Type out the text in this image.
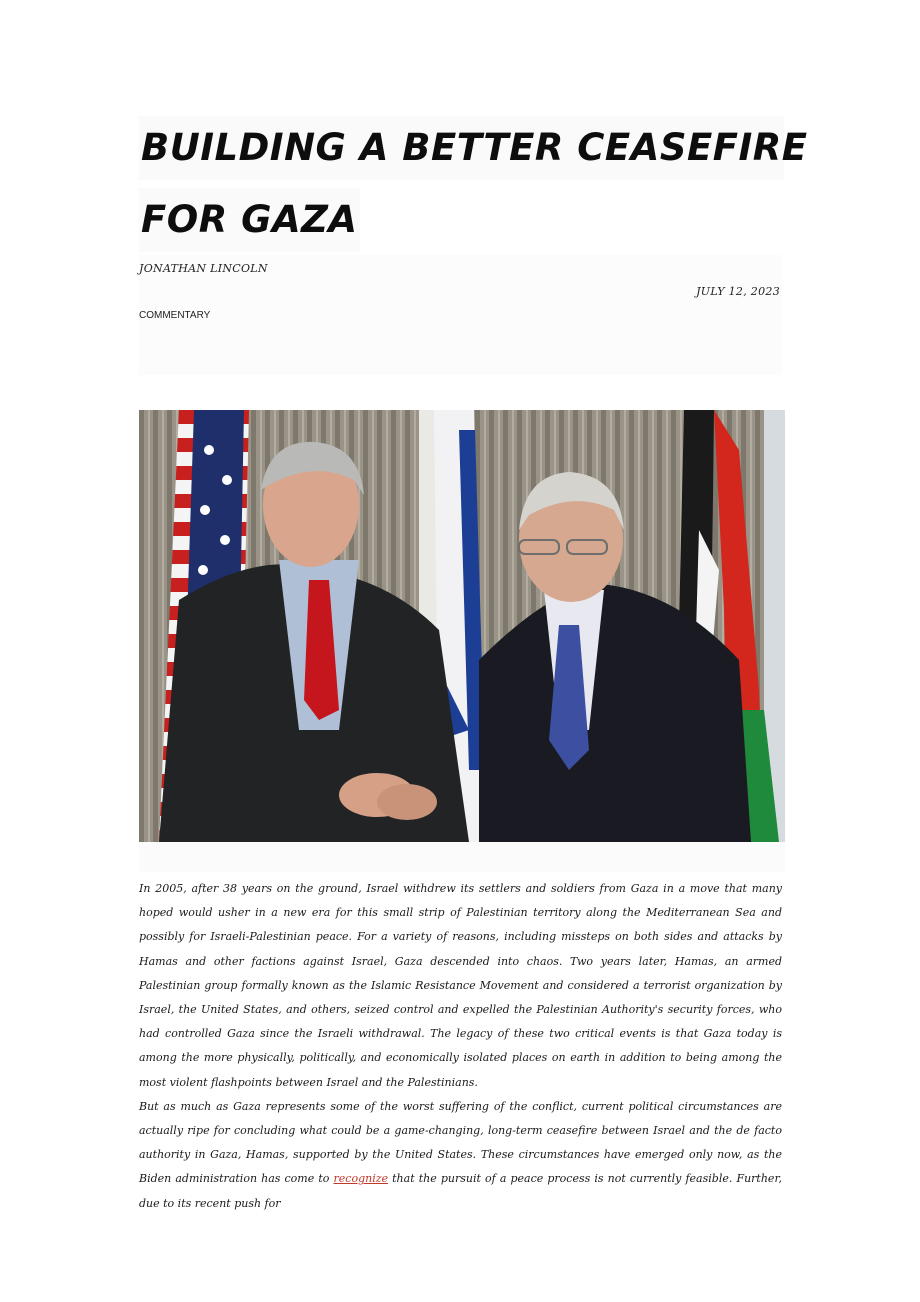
BUILDING A BETTER CEASEFIRE
FOR GAZA
JONATHAN LINCOLN
JULY 12, 2023
COMMENTARY

In 2005, after 38 years on the ground, Israel withdrew its settlers and soldiers from Gaza in a move that many hoped would usher in a new era for this small strip of Palestinian territory along the Mediterranean Sea and possibly for Israeli-Palestinian peace. For a variety of reasons, including missteps on both sides and attacks by Hamas and other factions against Israel, Gaza descended into chaos. Two years later, Hamas, an armed Palestinian group formally known as the Islamic Resistance Movement and considered a terrorist organization by Israel, the United States, and others, seized control and expelled the Palestinian Authority's security forces, who had controlled Gaza since the Israeli withdrawal. The legacy of these two critical events is that Gaza today is among the more physically, politically, and economically isolated places on earth in addition to being among the most violent flashpoints between Israel and the Palestinians.

But as much as Gaza represents some of the worst suffering of the conflict, current political circumstances are actually ripe for concluding what could be a game-changing, long-term ceasefire between Israel and the de facto authority in Gaza, Hamas, supported by the United States. These circumstances have emerged only now, as the Biden administration has come to recognize that the pursuit of a peace process is not currently feasible. Further, due to its recent push for
